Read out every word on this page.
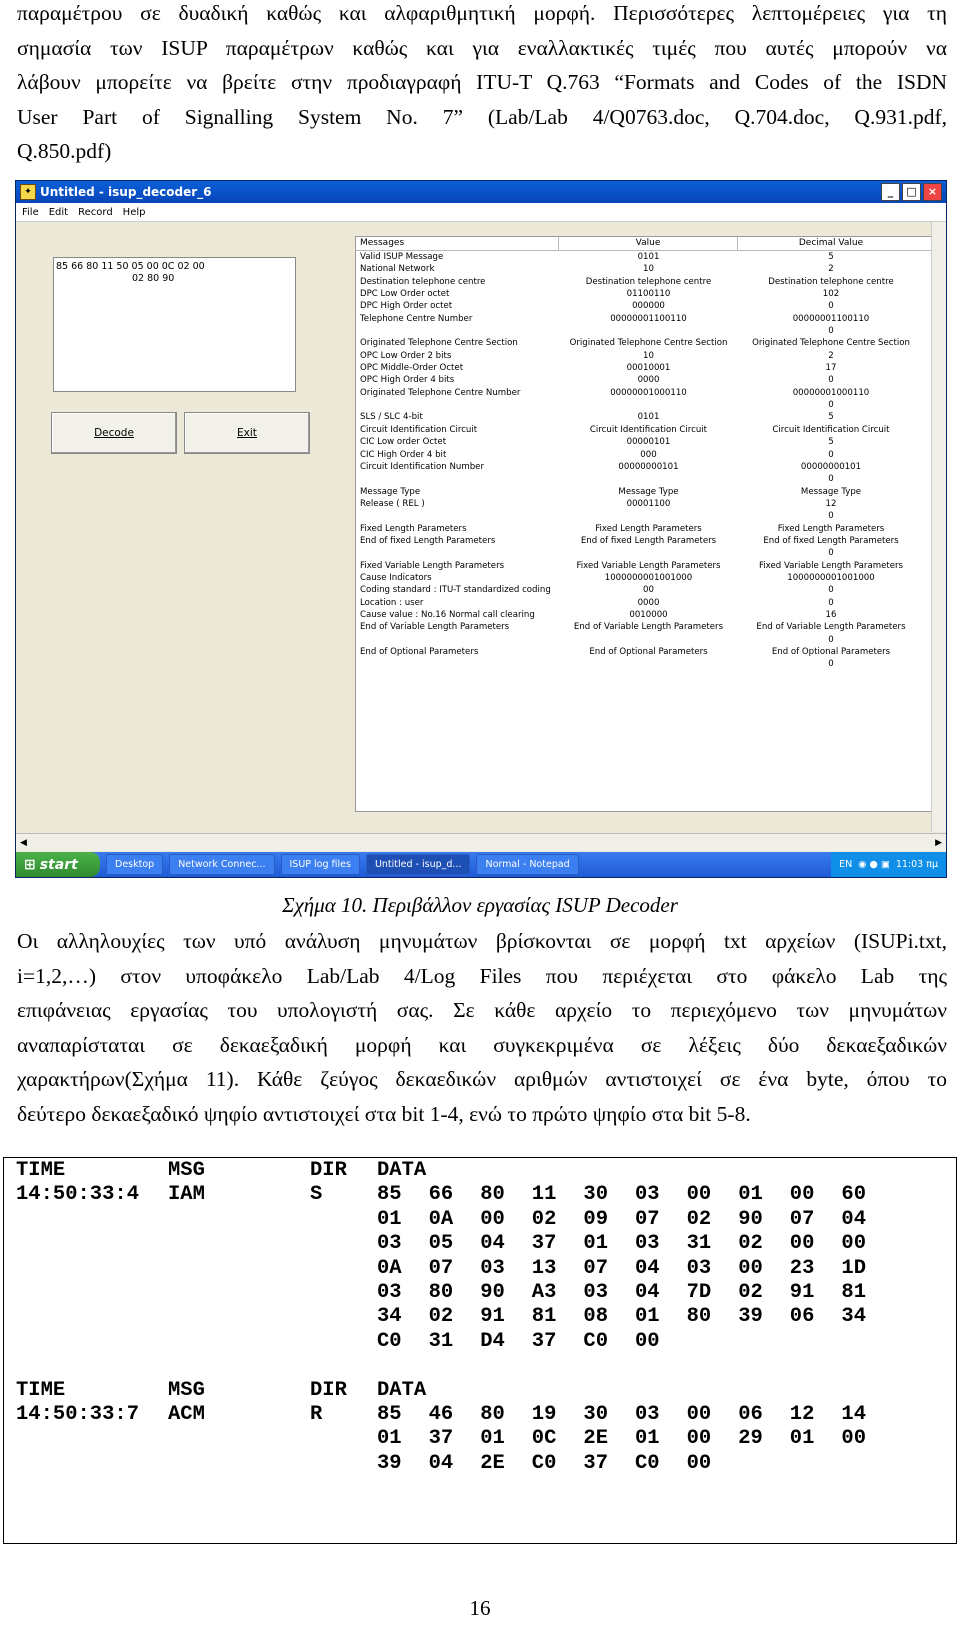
παραμέτρου σε δυαδική καθώς και αλφαριθμητική μορφή. Περισσότερες λεπτομέρειες για τη
σημασία των ISUP παραμέτρων καθώς και για εναλλακτικές τιμές που αυτές μπορούν να
λάβουν μπορείτε να βρείτε στην προδιαγραφή ITU-T Q.763 “Formats and Codes of the ISDN
User Part of Signalling System No. 7” (Lab/Lab 4/Q0763.doc, Q.704.doc, Q.931.pdf,
Q.850.pdf)
✦ Untitled - isup_decoder_6	_	□	×
File Edit Record Help
85 66 80 11 50 05 00 0C 02 00
02 80 90
Decode	Exit
Messages	Value	Decimal Value
Valid ISUP Message	0101	5
National Network	10	2
Destination telephone centre	Destination telephone centre	Destination telephone centre
DPC Low Order octet	01100110	102
DPC High Order octet	000000	0
Telephone Centre Number	00000001100110	00000001100110
0
Originated Telephone Centre Section	Originated Telephone Centre Section	Originated Telephone Centre Section
OPC Low Order 2 bits	10	2
OPC Middle-Order Octet	00010001	17
OPC High Order 4 bits	0000	0
Originated Telephone Centre Number	00000001000110	00000001000110
0
SLS / SLC 4-bit	0101	5
Circuit Identification Circuit	Circuit Identification Circuit	Circuit Identification Circuit
CIC Low order Octet	00000101	5
CIC High Order 4 bit	000	0
Circuit Identification Number	00000000101	00000000101
0
Message Type	Message Type	Message Type
Release ( REL )	00001100	12
0
Fixed Length Parameters	Fixed Length Parameters	Fixed Length Parameters
End of fixed Length Parameters	End of fixed Length Parameters	End of fixed Length Parameters
0
Fixed Variable Length Parameters	Fixed Variable Length Parameters	Fixed Variable Length Parameters
Cause Indicators	1000000001001000	1000000001001000
Coding standard : ITU-T standardized coding	00	0
Location : user	0000	0
Cause value : No.16 Normal call clearing	0010000	16
End of Variable Length Parameters	End of Variable Length Parameters	End of Variable Length Parameters
0
End of Optional Parameters	End of Optional Parameters	End of Optional Parameters
0
◀	▶
⊞ start	Desktop	Network Connec...	ISUP log files	Untitled - isup_d...	Normal - Notepad	EN ◉ ● ▣ 11:03 πμ
Σχήμα 10. Περιβάλλον εργασίας ISUP Decoder
Οι αλληλουχίες των υπό ανάλυση μηνυμάτων βρίσκονται σε μορφή txt αρχείων (ISUPi.txt,
i=1,2,…) στον υποφάκελο Lab/Lab 4/Log Files που περιέχεται στο φάκελο Lab της
επιφάνειας εργασίας του υπολογιστή σας. Σε κάθε αρχείο το περιεχόμενο των μηνυμάτων
αναπαρίσταται σε δεκαεξαδική μορφή και συγκεκριμένα σε λέξεις δύο δεκαεξαδικών
χαρακτήρων(Σχήμα 11). Κάθε ζεύγος δεκαεδικών αριθμών αντιστοιχεί σε ένα byte, όπου το
δεύτερο δεκαεξαδικό ψηφίο αντιστοιχεί στα bit 1-4, ενώ το πρώτο ψηφίο στα bit 5-8.
TIME	MSG	DIR DATA
14:50:33:4 IAM	S	85 66 80 11 30 03 00 01 00 60
01 0A 00 02 09 07 02 90 07 04
03 05 04 37 01 03 31 02 00 00
0A 07 03 13 07 04 03 00 23 1D
03 80 90 A3 03 04 7D 02 91 81
34 02 91 81 08 01 80 39 06 34
C0 31 D4 37 C0 00
TIME	MSG	DIR DATA
14:50:33:7 ACM	R	85 46 80 19 30 03 00 06 12 14
01 37 01 0C 2E 01 00 29 01 00
39 04 2E C0 37 C0 00
16
